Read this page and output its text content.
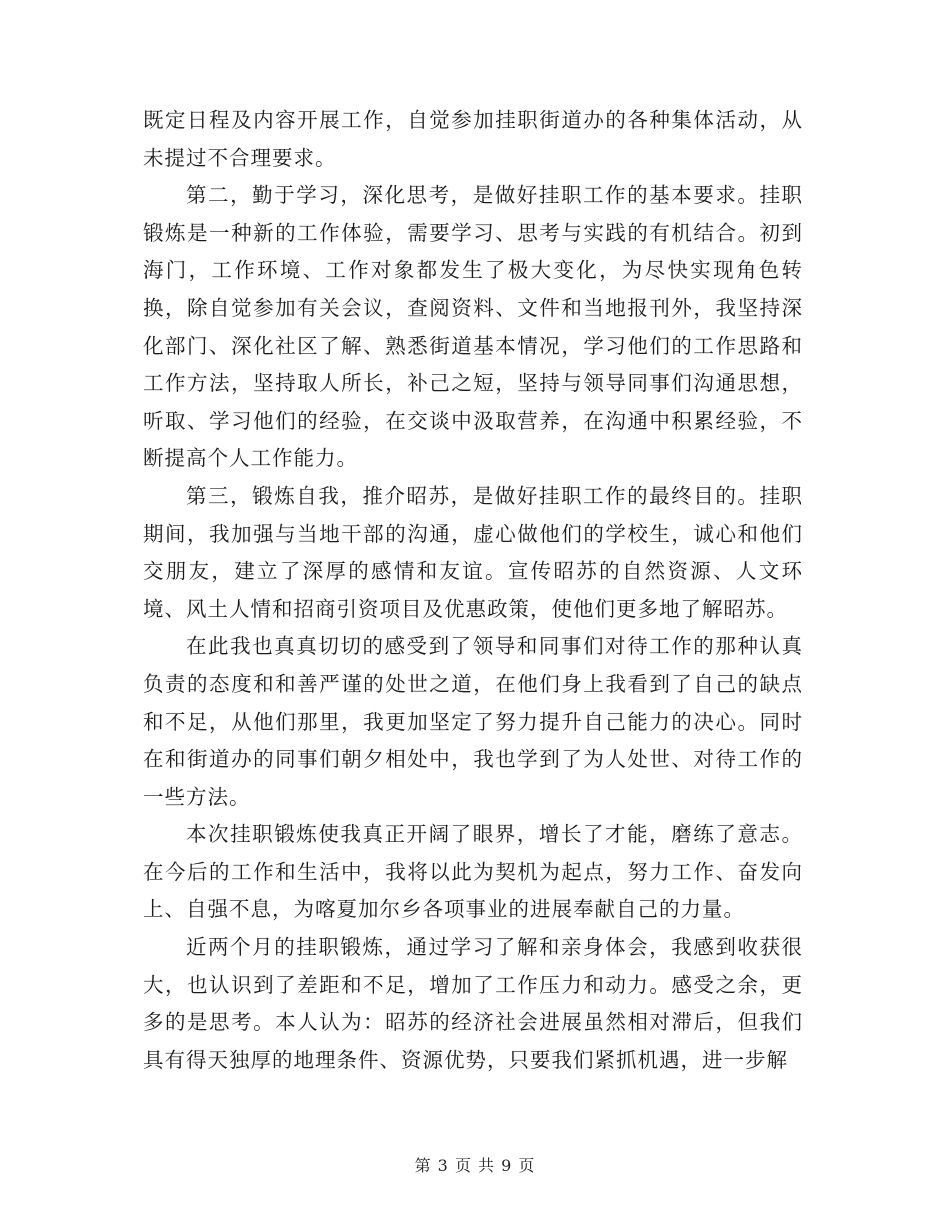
既定日程及内容开展工作，自觉参加挂职街道办的各种集体活动，从未提过不合理要求。

第二，勤于学习，深化思考，是做好挂职工作的基本要求。挂职锻炼是一种新的工作体验，需要学习、思考与实践的有机结合。初到海门，工作环境、工作对象都发生了极大变化，为尽快实现角色转换，除自觉参加有关会议，查阅资料、文件和当地报刊外，我坚持深化部门、深化社区了解、熟悉街道基本情况，学习他们的工作思路和工作方法，坚持取人所长，补己之短，坚持与领导同事们沟通思想，听取、学习他们的经验，在交谈中汲取营养，在沟通中积累经验，不断提高个人工作能力。

第三，锻炼自我，推介昭苏，是做好挂职工作的最终目的。挂职期间，我加强与当地干部的沟通，虚心做他们的学校生，诚心和他们交朋友，建立了深厚的感情和友谊。宣传昭苏的自然资源、人文环境、风土人情和招商引资项目及优惠政策，使他们更多地了解昭苏。

在此我也真真切切的感受到了领导和同事们对待工作的那种认真负责的态度和和善严谨的处世之道，在他们身上我看到了自己的缺点和不足，从他们那里，我更加坚定了努力提升自己能力的决心。同时在和街道办的同事们朝夕相处中，我也学到了为人处世、对待工作的一些方法。

本次挂职锻炼使我真正开阔了眼界，增长了才能，磨练了意志。在今后的工作和生活中，我将以此为契机为起点，努力工作、奋发向上、自强不息，为喀夏加尔乡各项事业的进展奉献自己的力量。

近两个月的挂职锻炼，通过学习了解和亲身体会，我感到收获很大，也认识到了差距和不足，增加了工作压力和动力。感受之余，更多的是思考。本人认为：昭苏的经济社会进展虽然相对滞后，但我们具有得天独厚的地理条件、资源优势，只要我们紧抓机遇，进一步解

第 3 页 共 9 页
